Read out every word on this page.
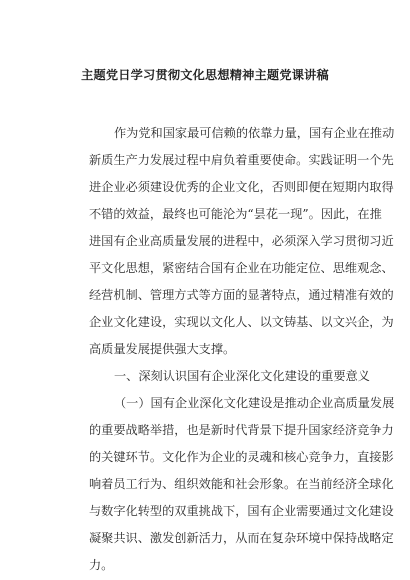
主题党日学习贯彻文化思想精神主题党课讲稿
作为党和国家最可信赖的依靠力量，国有企业在推动
新质生产力发展过程中肩负着重要使命。实践证明一个先
进企业必须建设优秀的企业文化，否则即便在短期内取得
不错的效益，最终也可能沦为“昙花一现”。因此，在推
进国有企业高质量发展的进程中，必须深入学习贯彻习近
平文化思想，紧密结合国有企业在功能定位、思维观念、
经营机制、管理方式等方面的显著特点，通过精准有效的
企业文化建设，实现以文化人、以文铸基、以文兴企，为
高质量发展提供强大支撑。
一、深刻认识国有企业深化文化建设的重要意义
（一）国有企业深化文化建设是推动企业高质量发展
的重要战略举措，也是新时代背景下提升国家经济竞争力
的关键环节。文化作为企业的灵魂和核心竞争力，直接影
响着员工行为、组织效能和社会形象。在当前经济全球化
与数字化转型的双重挑战下，国有企业需要通过文化建设
凝聚共识、激发创新活力，从而在复杂环境中保持战略定
力。
